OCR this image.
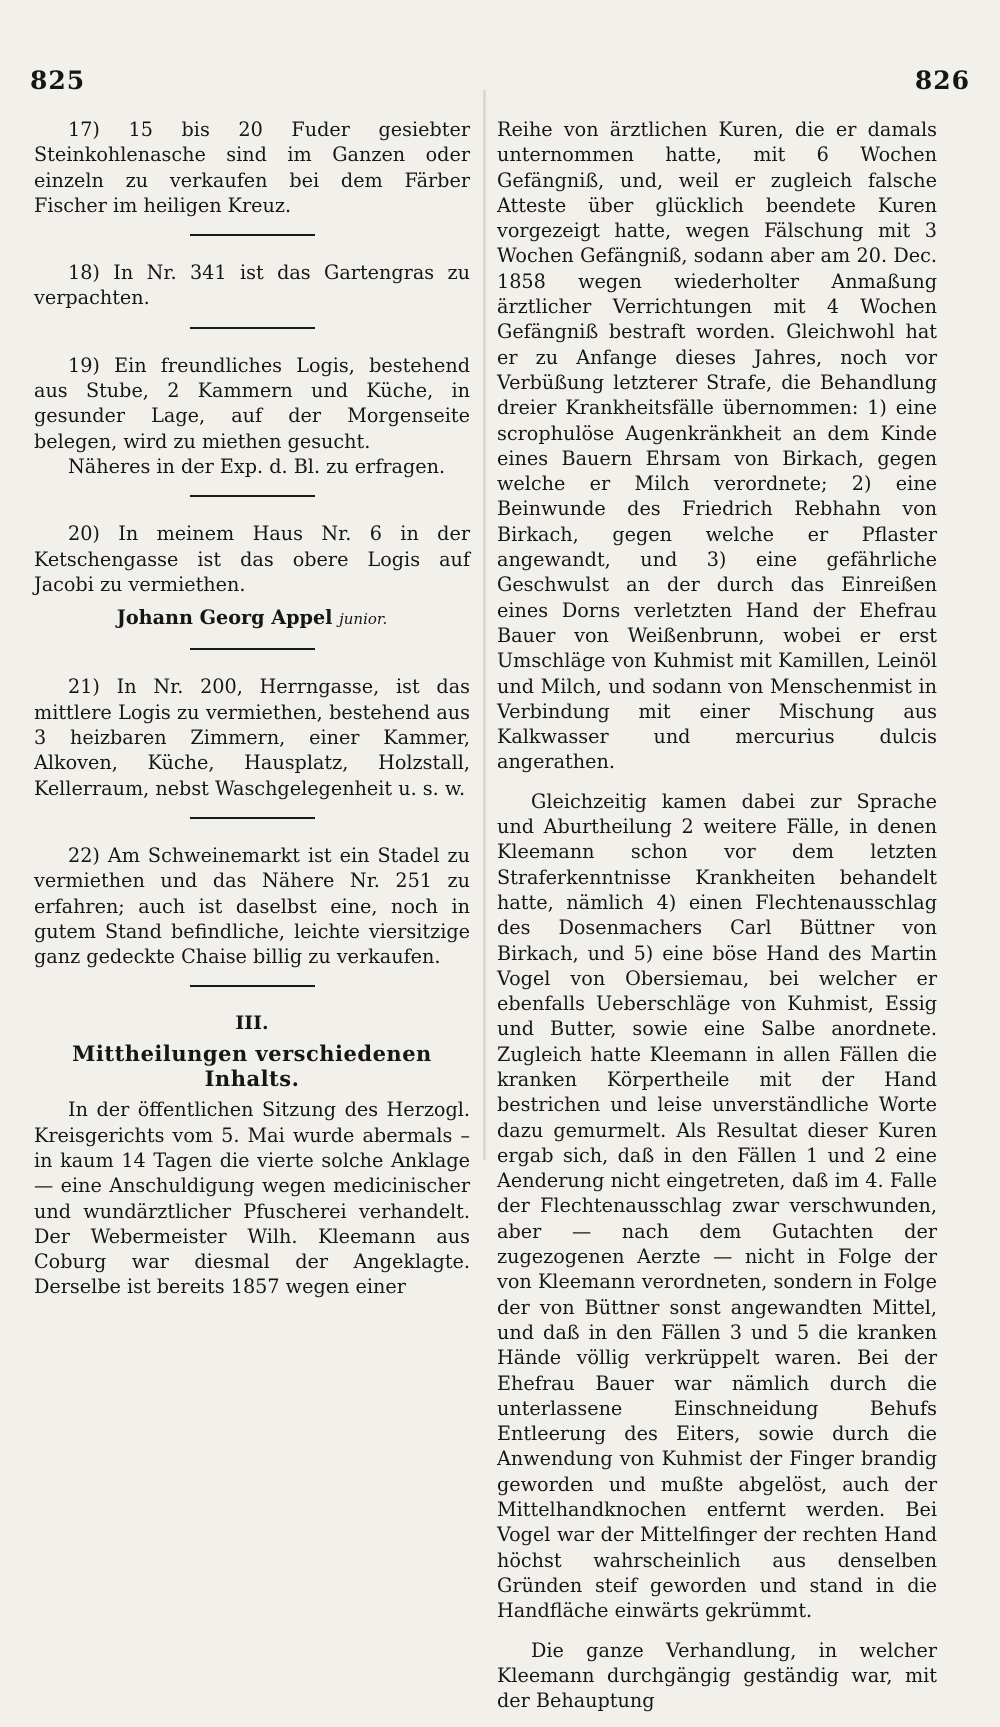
825	826

17) 15 bis 20 Fuder gesiebter Steinkohlenasche sind im Ganzen oder einzeln zu verkaufen bei dem Färber Fischer im heiligen Kreuz.

18) In Nr. 341 ist das Gartengras zu verpachten.

19) Ein freundliches Logis, bestehend aus Stube, 2 Kammern und Küche, in gesunder Lage, auf der Morgenseite belegen, wird zu miethen gesucht.

Näheres in der Exp. d. Bl. zu erfragen.

20) In meinem Haus Nr. 6 in der Ketschengasse ist das obere Logis auf Jacobi zu vermiethen.

Johann Georg Appel junior.

21) In Nr. 200, Herrngasse, ist das mittlere Logis zu vermiethen, bestehend aus 3 heizbaren Zimmern, einer Kammer, Alkoven, Küche, Hausplatz, Holzstall, Kellerraum, nebst Waschgelegenheit u. s. w.

22) Am Schweinemarkt ist ein Stadel zu vermiethen und das Nähere Nr. 251 zu erfahren; auch ist daselbst eine, noch in gutem Stand befindliche, leichte viersitzige ganz gedeckte Chaise billig zu verkaufen.

III.
Mittheilungen verschiedenen Inhalts.

In der öffentlichen Sitzung des Herzogl. Kreisgerichts vom 5. Mai wurde abermals – in kaum 14 Tagen die vierte solche Anklage — eine Anschuldigung wegen medicinischer und wundärztlicher Pfuscherei verhandelt. Der Webermeister Wilh. Kleemann aus Coburg war diesmal der Angeklagte. Derselbe ist bereits 1857 wegen einer

Reihe von ärztlichen Kuren, die er damals unternommen hatte, mit 6 Wochen Gefängniß, und, weil er zugleich falsche Atteste über glücklich beendete Kuren vorgezeigt hatte, wegen Fälschung mit 3 Wochen Gefängniß, sodann aber am 20. Dec. 1858 wegen wiederholter Anmaßung ärztlicher Verrichtungen mit 4 Wochen Gefängniß bestraft worden. Gleichwohl hat er zu Anfange dieses Jahres, noch vor Verbüßung letzterer Strafe, die Behandlung dreier Krankheitsfälle übernommen: 1) eine scrophulöse Augenkränkheit an dem Kinde eines Bauern Ehrsam von Birkach, gegen welche er Milch verordnete; 2) eine Beinwunde des Friedrich Rebhahn von Birkach, gegen welche er Pflaster angewandt, und 3) eine gefährliche Geschwulst an der durch das Einreißen eines Dorns verletzten Hand der Ehefrau Bauer von Weißenbrunn, wobei er erst Umschläge von Kuhmist mit Kamillen, Leinöl und Milch, und sodann von Menschenmist in Verbindung mit einer Mischung aus Kalkwasser und mercurius dulcis angerathen.

Gleichzeitig kamen dabei zur Sprache und Aburtheilung 2 weitere Fälle, in denen Kleemann schon vor dem letzten Straferkenntnisse Krankheiten behandelt hatte, nämlich 4) einen Flechtenausschlag des Dosenmachers Carl Büttner von Birkach, und 5) eine böse Hand des Martin Vogel von Obersiemau, bei welcher er ebenfalls Ueberschläge von Kuhmist, Essig und Butter, sowie eine Salbe anordnete. Zugleich hatte Kleemann in allen Fällen die kranken Körpertheile mit der Hand bestrichen und leise unverständliche Worte dazu gemurmelt. Als Resultat dieser Kuren ergab sich, daß in den Fällen 1 und 2 eine Aenderung nicht eingetreten, daß im 4. Falle der Flechtenausschlag zwar verschwunden, aber — nach dem Gutachten der zugezogenen Aerzte — nicht in Folge der von Kleemann verordneten, sondern in Folge der von Büttner sonst angewandten Mittel, und daß in den Fällen 3 und 5 die kranken Hände völlig verkrüppelt waren. Bei der Ehefrau Bauer war nämlich durch die unterlassene Einschneidung Behufs Entleerung des Eiters, sowie durch die Anwendung von Kuhmist der Finger brandig geworden und mußte abgelöst, auch der Mittelhandknochen entfernt werden. Bei Vogel war der Mittelfinger der rechten Hand höchst wahrscheinlich aus denselben Gründen steif geworden und stand in die Handfläche einwärts gekrümmt.

Die ganze Verhandlung, in welcher Kleemann durchgängig geständig war, mit der Behauptung
